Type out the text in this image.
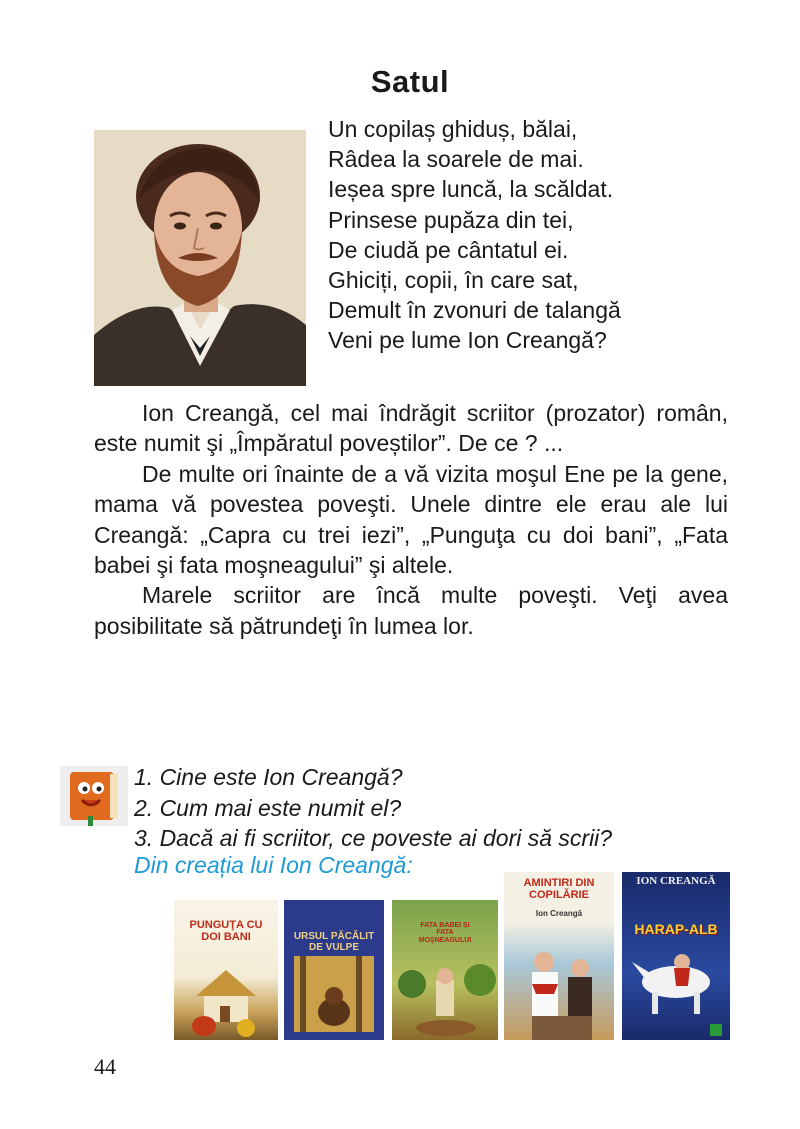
Satul
Un copilaș ghiduș, bălai,
Râdea la soarele de mai.
Ieșea spre luncă, la scăldat.
Prinsese pupăza din tei,
De ciudă pe cântatul ei.
Ghiciți, copii, în care sat,
Demult în zvonuri de talangă
Veni pe lume Ion Creangă?

Ion Creangă, cel mai îndrăgit scriitor (prozator) român, este numit şi „Împăratul poveștilor”. De ce ? ...

De multe ori înainte de a vă vizita moşul Ene pe la gene, mama vă povestea poveşti. Unele dintre ele erau ale lui Creangă: „Capra cu trei iezi”, „Punguţa cu doi bani”, „Fata babei şi fata moşneagului” şi altele.

Marele scriitor are încă multe poveşti. Veţi avea posibilitate să pătrundeţi în lumea lor.

1. Cine este Ion Creangă?
2. Cum mai este numit el?
3. Dacă ai fi scriitor, ce poveste ai dori să scrii?
Din creația lui Ion Creangă:
PUNGUŢA CU DOI BANI	URSUL PĂCĂLIT DE VULPE
FATA BABEI ŞI FATA MOŞNEAGULUI
AMINTIRI DIN COPILĂRIE
Ion Creangă
ION CREANGĂ
HARAP-ALB
44
